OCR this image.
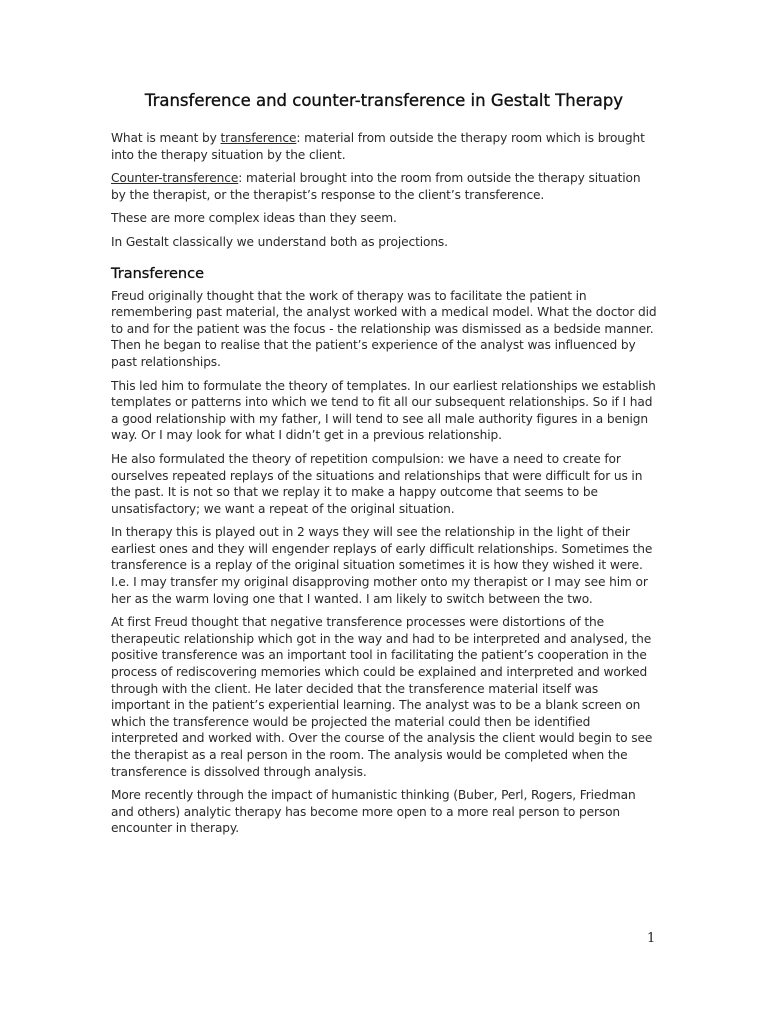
Transference and counter-transference in Gestalt Therapy

What is meant by transference: material from outside the therapy room which is brought into the therapy situation by the client.

Counter-transference: material brought into the room from outside the therapy situation by the therapist, or the therapist’s response to the client’s transference.

These are more complex ideas than they seem.

In Gestalt classically we understand both as projections.

Transference

Freud originally thought that the work of therapy was to facilitate the patient in remembering past material, the analyst worked with a medical model. What the doctor did to and for the patient was the focus - the relationship was dismissed as a bedside manner. Then he began to realise that the patient’s experience of the analyst was influenced by past relationships.

This led him to formulate the theory of templates. In our earliest relationships we establish templates or patterns into which we tend to fit all our subsequent relationships. So if I had a good relationship with my father, I will tend to see all male authority figures in a benign way. Or I may look for what I didn’t get in a previous relationship.

He also formulated the theory of repetition compulsion: we have a need to create for ourselves repeated replays of the situations and relationships that were difficult for us in the past. It is not so that we replay it to make a happy outcome that seems to be unsatisfactory; we want a repeat of the original situation.

In therapy this is played out in 2 ways they will see the relationship in the light of their earliest ones and they will engender replays of early difficult relationships. Sometimes the transference is a replay of the original situation sometimes it is how they wished it were. I.e. I may transfer my original disapproving mother onto my therapist or I may see him or her as the warm loving one that I wanted. I am likely to switch between the two.

At first Freud thought that negative transference processes were distortions of the therapeutic relationship which got in the way and had to be interpreted and analysed, the positive transference was an important tool in facilitating the patient’s cooperation in the process of rediscovering memories which could be explained and interpreted and worked through with the client. He later decided that the transference material itself was important in the patient’s experiential learning. The analyst was to be a blank screen on which the transference would be projected the material could then be identified interpreted and worked with. Over the course of the analysis the client would begin to see the therapist as a real person in the room. The analysis would be completed when the transference is dissolved through analysis.

More recently through the impact of humanistic thinking (Buber, Perl, Rogers, Friedman and others) analytic therapy has become more open to a more real person to person encounter in therapy.

1
